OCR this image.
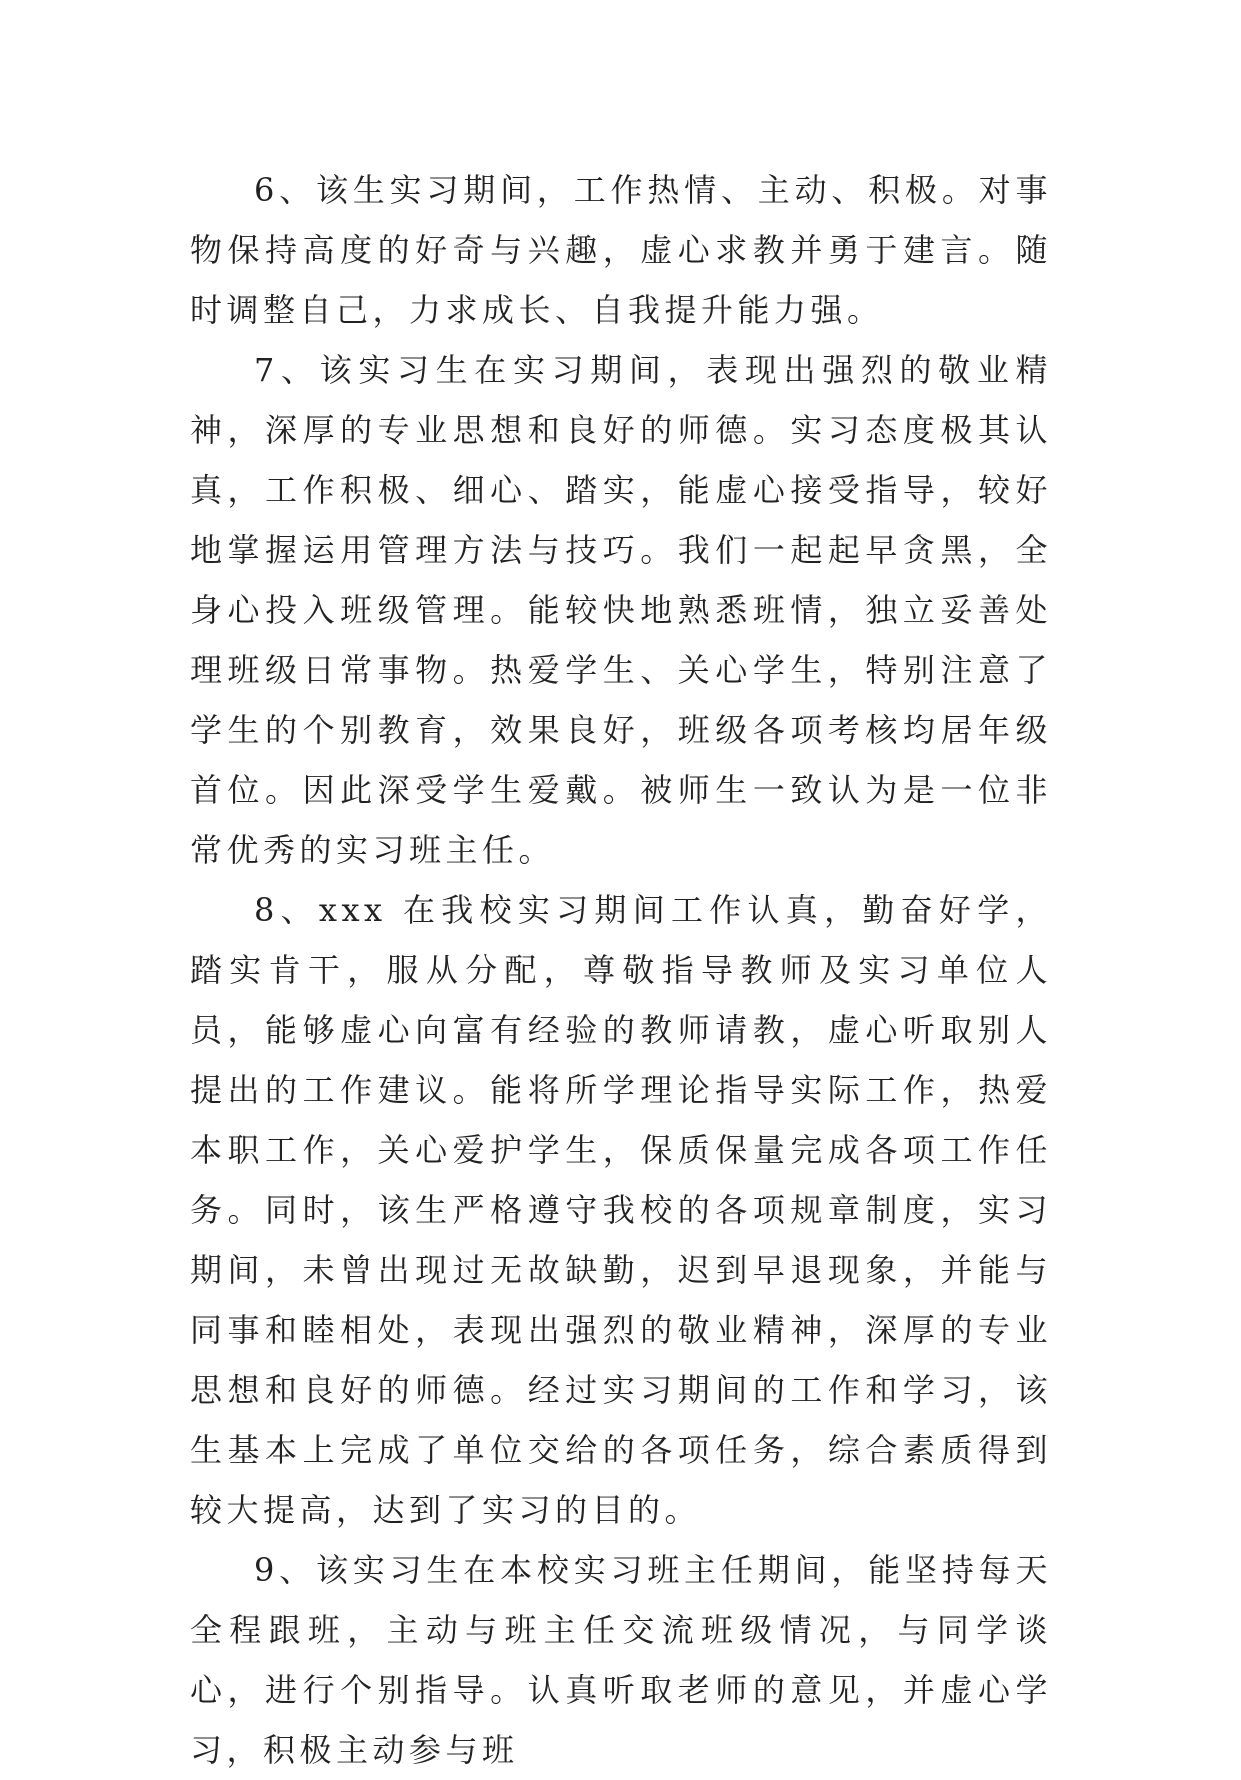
6、该生实习期间，工作热情、主动、积极。对事物保持高度的好奇与兴趣，虚心求教并勇于建言。随时调整自己，力求成长、自我提升能力强。

7、该实习生在实习期间，表现出强烈的敬业精神，深厚的专业思想和良好的师德。实习态度极其认真，工作积极、细心、踏实，能虚心接受指导，较好地掌握运用管理方法与技巧。我们一起起早贪黑，全身心投入班级管理。能较快地熟悉班情，独立妥善处理班级日常事物。热爱学生、关心学生，特别注意了学生的个别教育，效果良好，班级各项考核均居年级首位。因此深受学生爱戴。被师生一致认为是一位非常优秀的实习班主任。

8、xxx 在我校实习期间工作认真，勤奋好学，踏实肯干，服从分配，尊敬指导教师及实习单位人员，能够虚心向富有经验的教师请教，虚心听取别人提出的工作建议。能将所学理论指导实际工作，热爱本职工作，关心爱护学生，保质保量完成各项工作任务。同时，该生严格遵守我校的各项规章制度，实习期间，未曾出现过无故缺勤，迟到早退现象，并能与同事和睦相处，表现出强烈的敬业精神，深厚的专业思想和良好的师德。经过实习期间的工作和学习，该生基本上完成了单位交给的各项任务，综合素质得到较大提高，达到了实习的目的。

9、该实习生在本校实习班主任期间，能坚持每天全程跟班，主动与班主任交流班级情况，与同学谈心，进行个别指导。认真听取老师的意见，并虚心学习，积极主动参与班
